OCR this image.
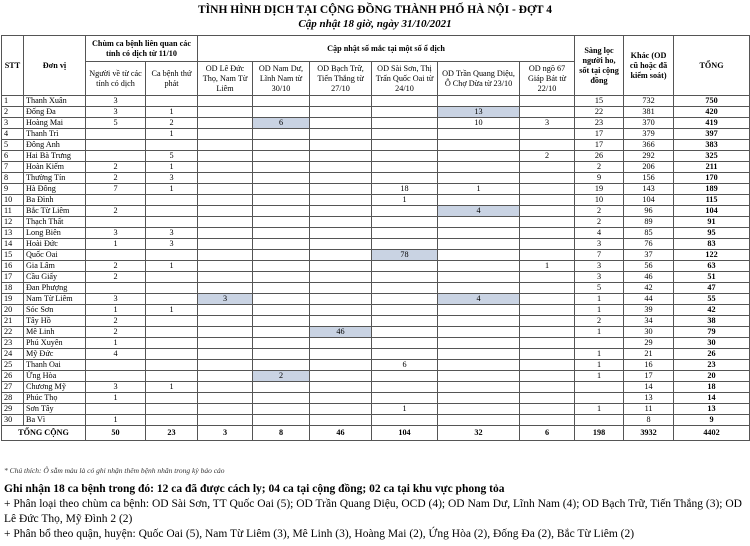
TÌNH HÌNH DỊCH TẠI CỘNG ĐỒNG THÀNH PHỐ HÀ NỘI - ĐỢT 4
Cập nhật 18 giờ, ngày 31/10/2021
STT	Đơn vị	Chùm ca bệnh liên quan các tỉnh có dịch từ 11/10		Cập nhật số mắc tại một số ổ dịch						Sàng lọc người ho, sốt tại cộng đồng	Khác (OD cũ hoặc đã kiểm soát)	TỔNG
		Người về từ các tỉnh có dịch	Ca bệnh thứ phát	OD Lê Đức Thọ, Nam Từ Liêm	OD Nam Dư, Lĩnh Nam từ 30/10	OD Bạch Trữ, Tiến Thắng từ 27/10	OD Sài Sơn, Thị Trấn Quốc Oai từ 24/10	OD Trần Quang Diệu, Ô Chợ Dừa từ 23/10	OD ngõ 67 Giáp Bát từ 22/10			
1	Thanh Xuân	3								15	732	750
2	Đống Đa	3	1					13		22	381	420
3	Hoàng Mai	5	2		6			10	3	23	370	419
4	Thanh Trì		1							17	379	397
5	Đông Anh									17	366	383
6	Hai Bà Trưng		5						2	26	292	325
7	Hoàn Kiếm	2	1							2	206	211
8	Thường Tín	2	3							9	156	170
9	Hà Đông	7	1				18	1		19	143	189
10	Ba Đình						1			10	104	115
11	Bắc Từ Liêm	2						4		2	96	104
12	Thạch Thất									2	89	91
13	Long Biên	3	3							4	85	95
14	Hoài Đức	1	3							3	76	83
15	Quốc Oai						78			7	37	122
16	Gia Lâm	2	1						1	3	56	63
17	Cầu Giấy	2								3	46	51
18	Đan Phượng									5	42	47
19	Nam Từ Liêm	3		3				4		1	44	55
20	Sóc Sơn	1	1							1	39	42
21	Tây Hồ	2								2	34	38
22	Mê Linh	2				46				1	30	79
23	Phú Xuyên	1									29	30
24	Mỹ Đức	4								1	21	26
25	Thanh Oai						6			1	16	23
26	Ứng Hòa				2					1	17	20
27	Chương Mỹ	3	1								14	18
28	Phúc Thọ	1									13	14
29	Sơn Tây						1			1	11	13
30	Ba Vì	1									8	9
TỔNG CỘNG		50	23	3	8	46	104	32	6	198	3932	4402
* Chú thích: Ô sẫm màu là có ghi nhận thêm bệnh nhân trong kỳ báo cáo
Ghi nhận 18 ca bệnh trong đó: 12 ca đã được cách ly; 04 ca tại cộng đồng; 02 ca tại khu vực phong tỏa
+ Phân loại theo chùm ca bệnh: OD Sài Sơn, TT Quốc Oai (5); OD Trần Quang Diệu, OCD (4); OD Nam Dư, Lĩnh Nam (4); OD Bạch Trữ, Tiến Thắng (3); OD Lê Đức Thọ, Mỹ Đình 2 (2)
+ Phân bổ theo quận, huyện: Quốc Oai (5), Nam Từ Liêm (3), Mê Linh (3), Hoàng Mai (2), Ứng Hòa (2), Đống Đa (2), Bắc Từ Liêm (2)
